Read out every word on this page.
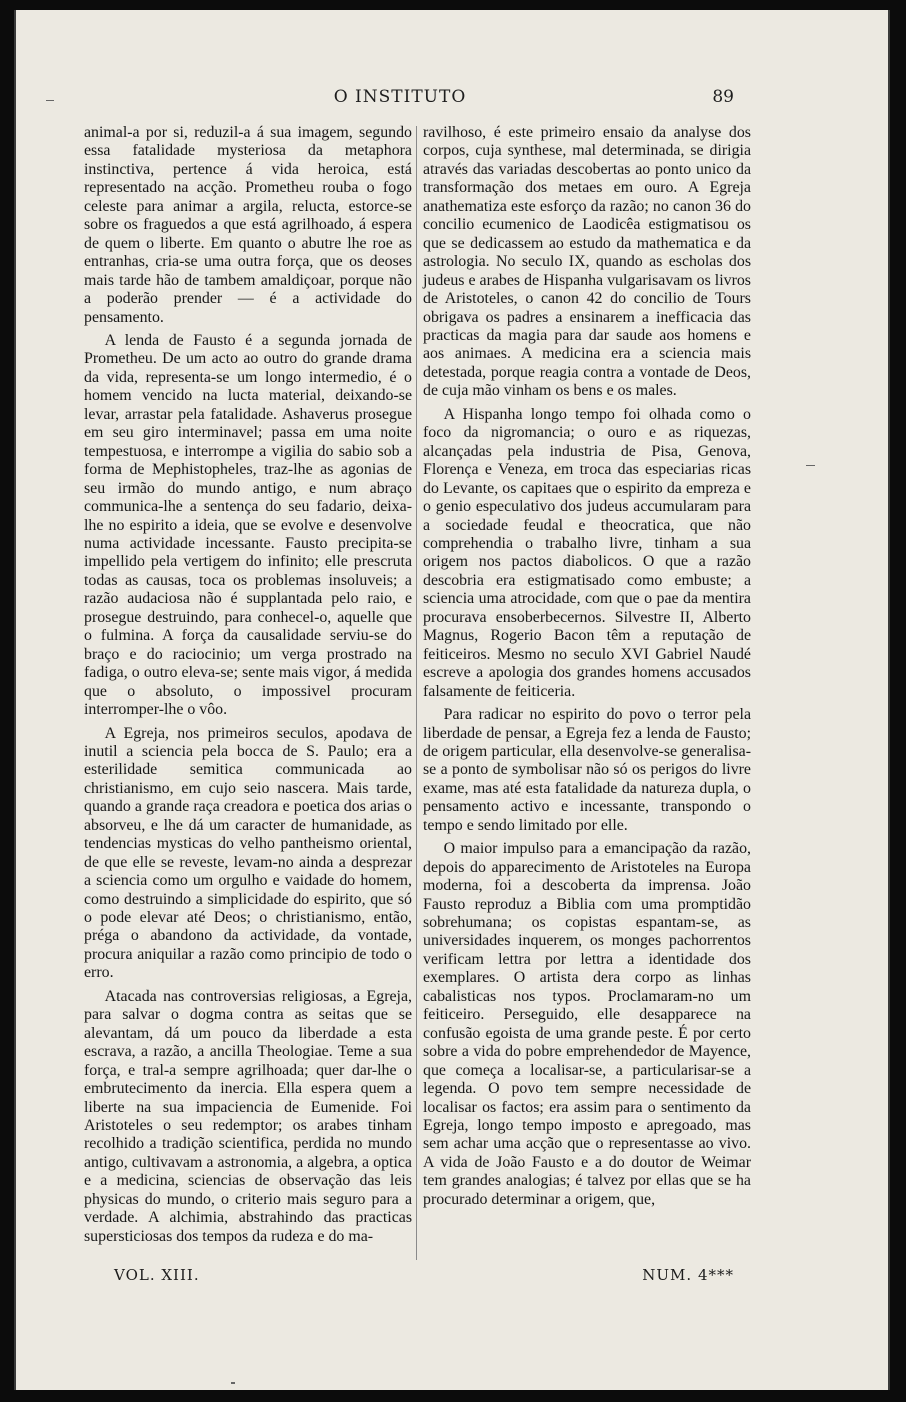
O INSTITUTO	89

animal-a por si, reduzil-a á sua imagem, segundo essa fatalidade mysteriosa da metaphora instinctiva, pertence á vida heroica, está representado na acção. Prometheu rouba o fogo celeste para animar a argila, relucta, estorce-se sobre os fraguedos a que está agrilhoado, á espera de quem o liberte. Em quanto o abutre lhe roe as entranhas, cria-se uma outra força, que os deoses mais tarde hão de tambem amaldiçoar, porque não a poderão prender — é a actividade do pensamento.

A lenda de Fausto é a segunda jornada de Prometheu. De um acto ao outro do grande drama da vida, representa-se um longo intermedio, é o homem vencido na lucta material, deixando-se levar, arrastar pela fatalidade. Ashaverus prosegue em seu giro interminavel; passa em uma noite tempestuosa, e interrompe a vigilia do sabio sob a forma de Mephistopheles, traz-lhe as agonias de seu irmão do mundo antigo, e num abraço communica-lhe a sentença do seu fadario, deixa-lhe no espirito a ideia, que se evolve e desenvolve numa actividade incessante. Fausto precipita-se impellido pela vertigem do infinito; elle prescruta todas as causas, toca os problemas insoluveis; a razão audaciosa não é supplantada pelo raio, e prosegue destruindo, para conhecel-o, aquelle que o fulmina. A força da causalidade serviu-se do braço e do raciocinio; um verga prostrado na fadiga, o outro eleva-se; sente mais vigor, á medida que o absoluto, o impossivel procuram interromper-lhe o vôo.

A Egreja, nos primeiros seculos, apodava de inutil a sciencia pela bocca de S. Paulo; era a esterilidade semitica communicada ao christianismo, em cujo seio nascera. Mais tarde, quando a grande raça creadora e poetica dos arias o absorveu, e lhe dá um caracter de humanidade, as tendencias mysticas do velho pantheismo oriental, de que elle se reveste, levam-no ainda a desprezar a sciencia como um orgulho e vaidade do homem, como destruindo a simplicidade do espirito, que só o pode elevar até Deos; o christianismo, então, prégа o abandono da actividade, da vontade, procura aniquilar a razão como principio de todo o erro.

Atacada nas controversias religiosas, a Egreja, para salvar o dogma contra as seitas que se alevantam, dá um pouco da liberdade a esta escrava, a razão, a ancilla Theologiae. Teme a sua força, e tral-a sempre agrilhoada; quer dar-lhe o embrutecimento da inercia. Ella espera quem a liberte na sua impaciencia de Eumenide. Foi Aristoteles o seu redemptor; os arabes tinham recolhido a tradição scientifica, perdida no mundo antigo, cultivavam a astronomia, a algebra, a optica e a medicina, sciencias de observação das leis physicas do mundo, o criterio mais seguro para a verdade. A alchimia, abstrahindo das practicas supersticiosas dos tempos da rudeza e do ma-

ravilhoso, é este primeiro ensaio da analyse dos corpos, cuja synthese, mal determinada, se dirigia através das variadas descobertas ao ponto unico da transformação dos metaes em ouro. A Egreja anathematiza este esforço da razão; no canon 36 do concilio ecumenico de Laodicêa estigmatisou os que se dedicassem ao estudo da mathematica e da astrologia. No seculo IX, quando as escholas dos judeus e arabes de Hispanha vulgarisavam os livros de Aristoteles, o canon 42 do concilio de Tours obrigava os padres a ensinarem a inefficacia das practicas da magia para dar saude aos homens e aos animaes. A medicina era a sciencia mais detestada, porque reagia contra a vontade de Deos, de cuja mão vinham os bens e os males.

A Hispanha longo tempo foi olhada como o foco da nigromancia; o ouro e as riquezas, alcançadas pela industria de Pisa, Genova, Florença e Veneza, em troca das especiarias ricas do Levante, os capitaes que o espirito da empreza e o genio especulativo dos judeus accumularam para a sociedade feudal e theocratica, que não comprehendia o trabalho livre, tinham a sua origem nos pactos diabolicos. O que a razão descobria era estigmatisado como embuste; a sciencia uma atrocidade, com que o pae da mentira procurava ensoberbecernos. Silvestre II, Alberto Magnus, Rogerio Bacon têm a reputação de feiticeiros. Mesmo no seculo XVI Gabriel Naudé escreve a apologia dos grandes homens accusados falsamente de feiticeria.

Para radicar no espirito do povo o terror pela liberdade de pensar, a Egreja fez a lenda de Fausto; de origem particular, ella desenvolve-se generalisa-se a ponto de symbolisar não só os perigos do livre exame, mas até esta fatalidade da natureza dupla, o pensamento activo e incessante, transpondo o tempo e sendo limitado por elle.

O maior impulso para a emancipação da razão, depois do apparecimento de Aristoteles na Europa moderna, foi a descoberta da imprensa. João Fausto reproduz a Biblia com uma promptidão sobrehumana; os copistas espantam-se, as universidades inquerem, os monges pachorrentos verificam lettra por lettra a identidade dos exemplares. O artista dera corpo as linhas cabalisticas nos typos. Proclamaram-no um feiticeiro. Perseguido, elle desapparece na confusão egoista de uma grande peste. É por certo sobre a vida do pobre emprehendedor de Mayence, que começa a localisar-se, a particularisar-se a legenda. O povo tem sempre necessidade de localisar os factos; era assim para o sentimento da Egreja, longo tempo imposto e apregoado, mas sem achar uma acção que o representasse ao vivo. A vida de João Fausto e a do doutor de Weimar tem grandes analogias; é talvez por ellas que se ha procurado determinar a origem, que,

VOL. XIII.	NUM. 4***
